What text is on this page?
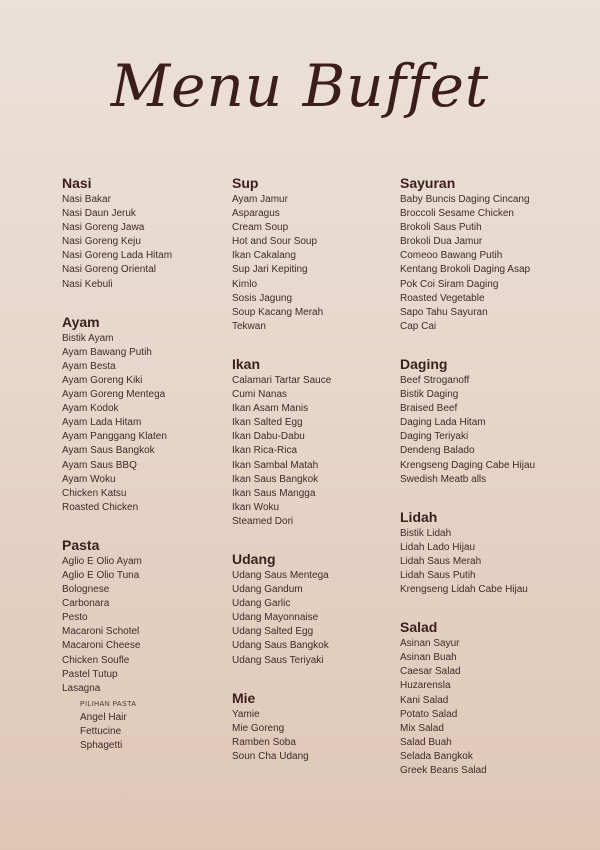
Menu Buffet
Nasi
Nasi Bakar
Nasi Daun Jeruk
Nasi Goreng Jawa
Nasi Goreng Keju
Nasi Goreng Lada Hitam
Nasi Goreng Oriental
Nasi Kebuli
Ayam
Bistik Ayam
Ayam Bawang Putih
Ayam Besta
Ayam Goreng Kiki
Ayam Goreng Mentega
Ayam Kodok
Ayam Lada Hitam
Ayam Panggang Klaten
Ayam Saus Bangkok
Ayam Saus BBQ
Ayam Woku
Chicken Katsu
Roasted Chicken
Pasta
Aglio E Olio Ayam
Aglio E Olio Tuna
Bolognese
Carbonara
Pesto
Macaroni Schotel
Macaroni Cheese
Chicken Soufle
Pastel Tutup
Lasagna
PILIHAN PASTA
Angel Hair
Fettucine
Sphagetti
Sup
Ayam Jamur
Asparagus
Cream Soup
Hot and Sour Soup
Ikan Cakalang
Sup Jari Kepiting
Kimlo
Sosis Jagung
Soup Kacang Merah
Tekwan
Ikan
Calamari Tartar Sauce
Cumi Nanas
Ikan Asam Manis
Ikan Salted Egg
Ikan Dabu-Dabu
Ikan Rica-Rica
Ikan Sambal Matah
Ikan Saus Bangkok
Ikan Saus Mangga
Ikan Woku
Steamed Dori
Udang
Udang Saus Mentega
Udang Gandum
Udang Garlic
Udang Mayonnaise
Udang Salted Egg
Udang Saus Bangkok
Udang Saus Teriyaki
Mie
Yamie
Mie Goreng
Ramben Soba
Soun Cha Udang
Sayuran
Baby Buncis Daging Cincang
Broccoli Sesame Chicken
Brokoli Saus Putih
Brokoli Dua Jamur
Comeoo Bawang Putih
Kentang Brokoli Daging Asap
Pok Coi Siram Daging
Roasted Vegetable
Sapo Tahu Sayuran
Cap Cai
Daging
Beef Stroganoff
Bistik Daging
Braised Beef
Daging Lada Hitam
Daging Teriyaki
Dendeng Balado
Krengseng Daging Cabe Hijau
Swedish Meatb alls
Lidah
Bistik Lidah
Lidah Lado Hijau
Lidah Saus Merah
Lidah Saus Putih
Krengseng Lidah Cabe Hijau
Salad
Asinan Sayur
Asinan Buah
Caesar Salad
Huzarensla
Kani Salad
Potato Salad
Mix Salad
Salad Buah
Selada Bangkok
Greek Beans Salad
